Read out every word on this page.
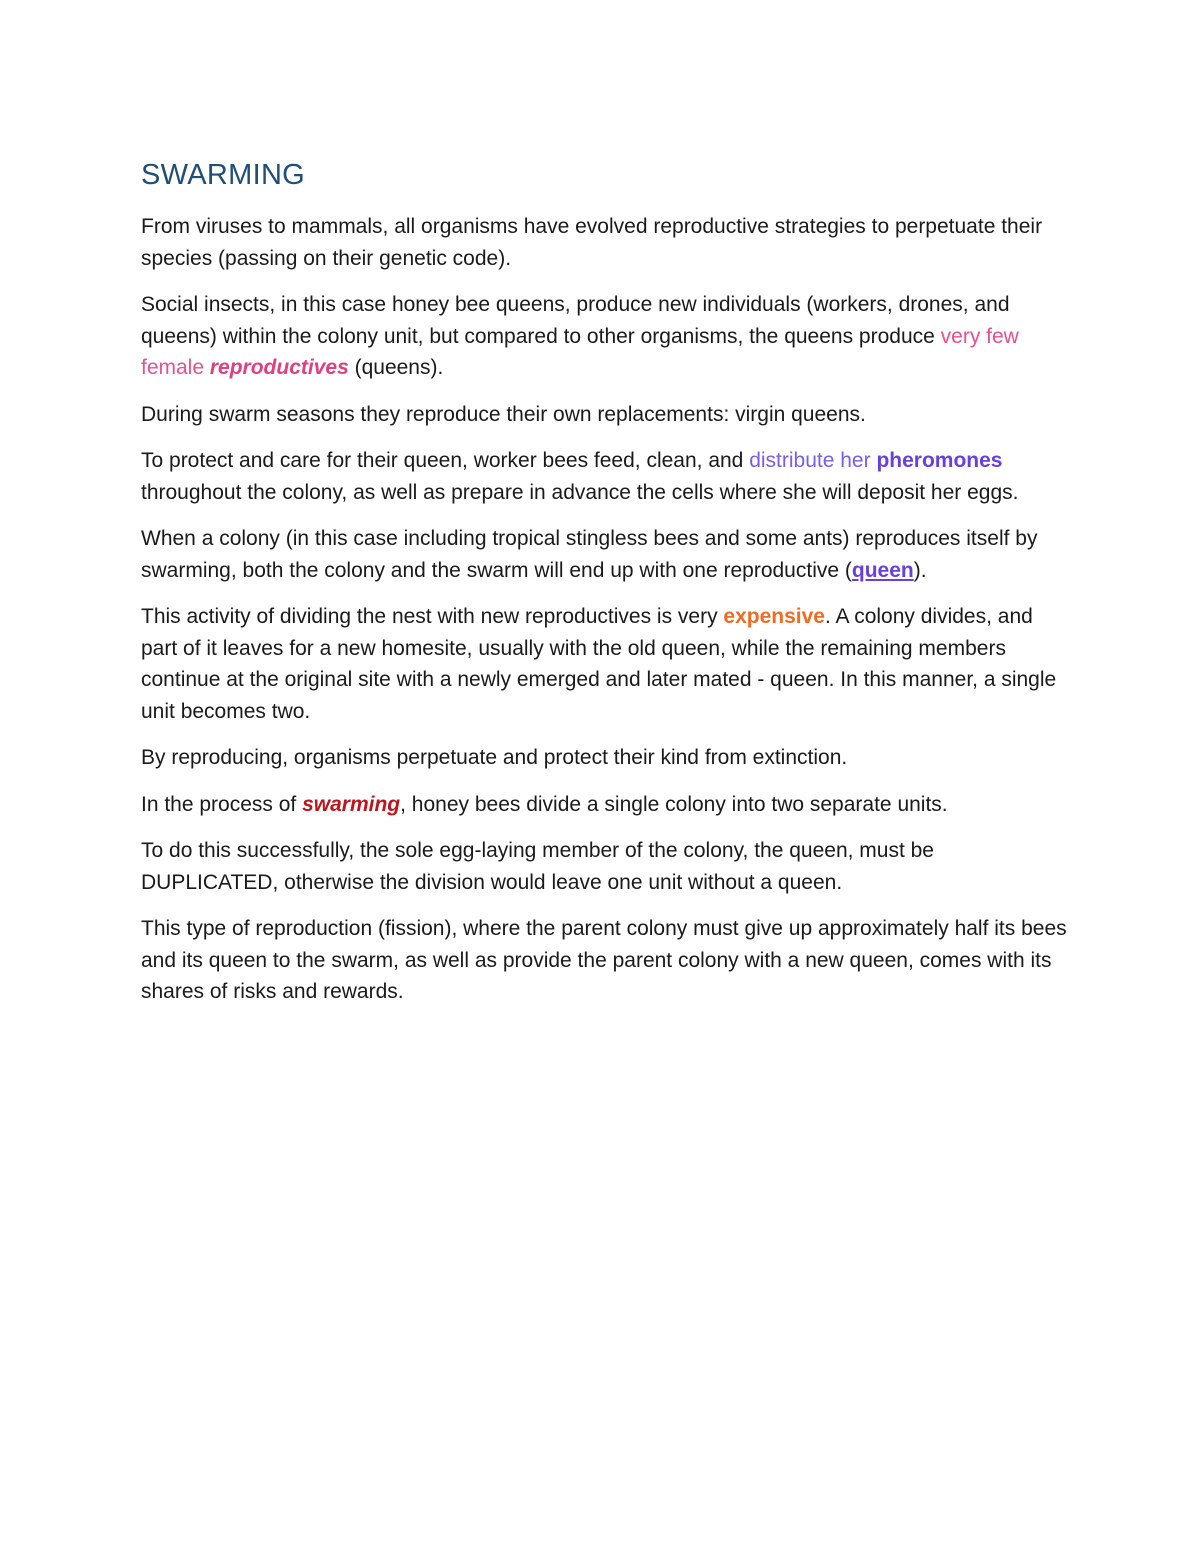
SWARMING

From viruses to mammals, all organisms have evolved reproductive strategies to perpetuate their species (passing on their genetic code).

Social insects, in this case honey bee queens, produce new individuals (workers, drones, and queens) within the colony unit, but compared to other organisms, the queens produce very few female reproductives (queens).

During swarm seasons they reproduce their own replacements: virgin queens.

To protect and care for their queen, worker bees feed, clean, and distribute her pheromones throughout the colony, as well as prepare in advance the cells where she will deposit her eggs.

When a colony (in this case including tropical stingless bees and some ants) reproduces itself by swarming, both the colony and the swarm will end up with one reproductive (queen).

This activity of dividing the nest with new reproductives is very expensive. A colony divides, and part of it leaves for a new homesite, usually with the old queen, while the remaining members continue at the original site with a newly emerged and later mated - queen. In this manner, a single unit becomes two.

By reproducing, organisms perpetuate and protect their kind from extinction.

In the process of swarming, honey bees divide a single colony into two separate units.

To do this successfully, the sole egg-laying member of the colony, the queen, must be DUPLICATED, otherwise the division would leave one unit without a queen.

This type of reproduction (fission), where the parent colony must give up approximately half its bees and its queen to the swarm, as well as provide the parent colony with a new queen, comes with its shares of risks and rewards.
